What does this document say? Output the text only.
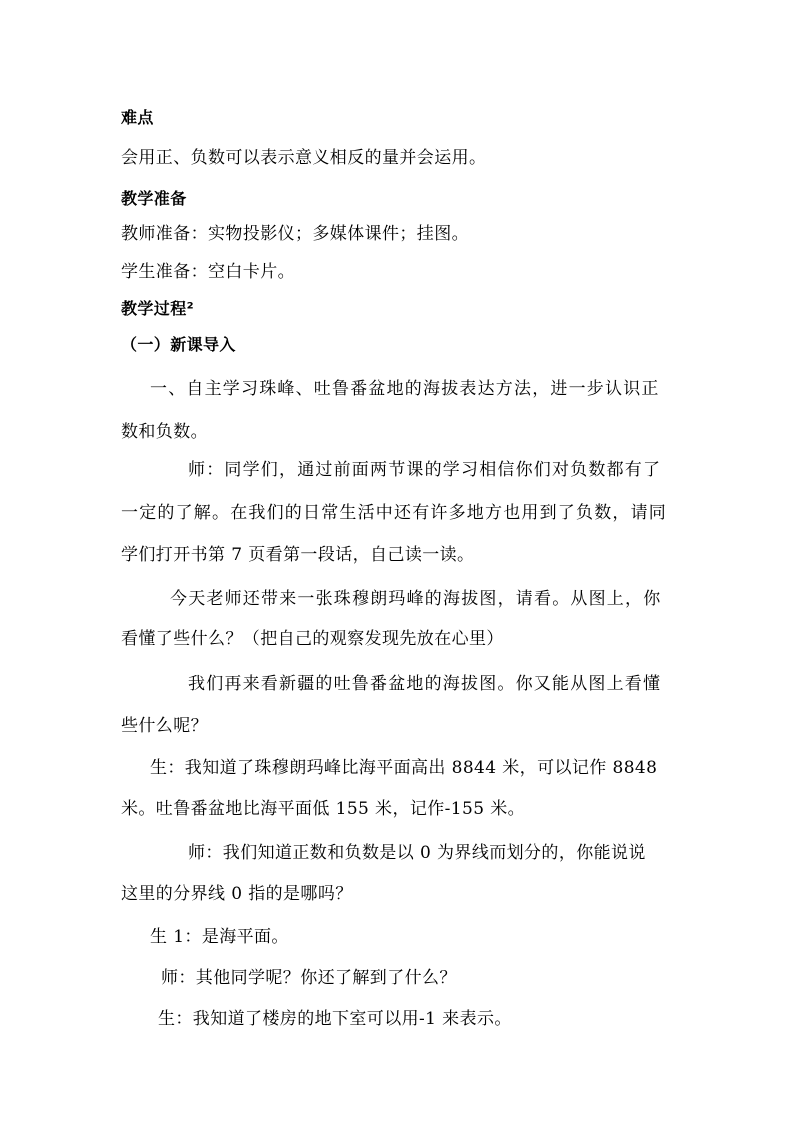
难点
会用正、负数可以表示意义相反的量并会运用。
教学准备
教师准备：实物投影仪；多媒体课件；挂图。
学生准备：空白卡片。
教学过程²
（一）新课导入
一、自主学习珠峰、吐鲁番盆地的海拔表达方法，进一步认识正
数和负数。
师：同学们，通过前面两节课的学习相信你们对负数都有了
一定的了解。在我们的日常生活中还有许多地方也用到了负数，请同
学们打开书第 7 页看第一段话，自己读一读。
今天老师还带来一张珠穆朗玛峰的海拔图，请看。从图上，你
看懂了些什么？（把自己的观察发现先放在心里）
我们再来看新疆的吐鲁番盆地的海拔图。你又能从图上看懂
些什么呢？
生：我知道了珠穆朗玛峰比海平面高出 8844 米，可以记作 8848
米。吐鲁番盆地比海平面低 155 米，记作-155 米。
师：我们知道正数和负数是以 0 为界线而划分的，你能说说
这里的分界线 0 指的是哪吗？
生 1：是海平面。
师：其他同学呢？你还了解到了什么？
生：我知道了楼房的地下室可以用-1 来表示。
